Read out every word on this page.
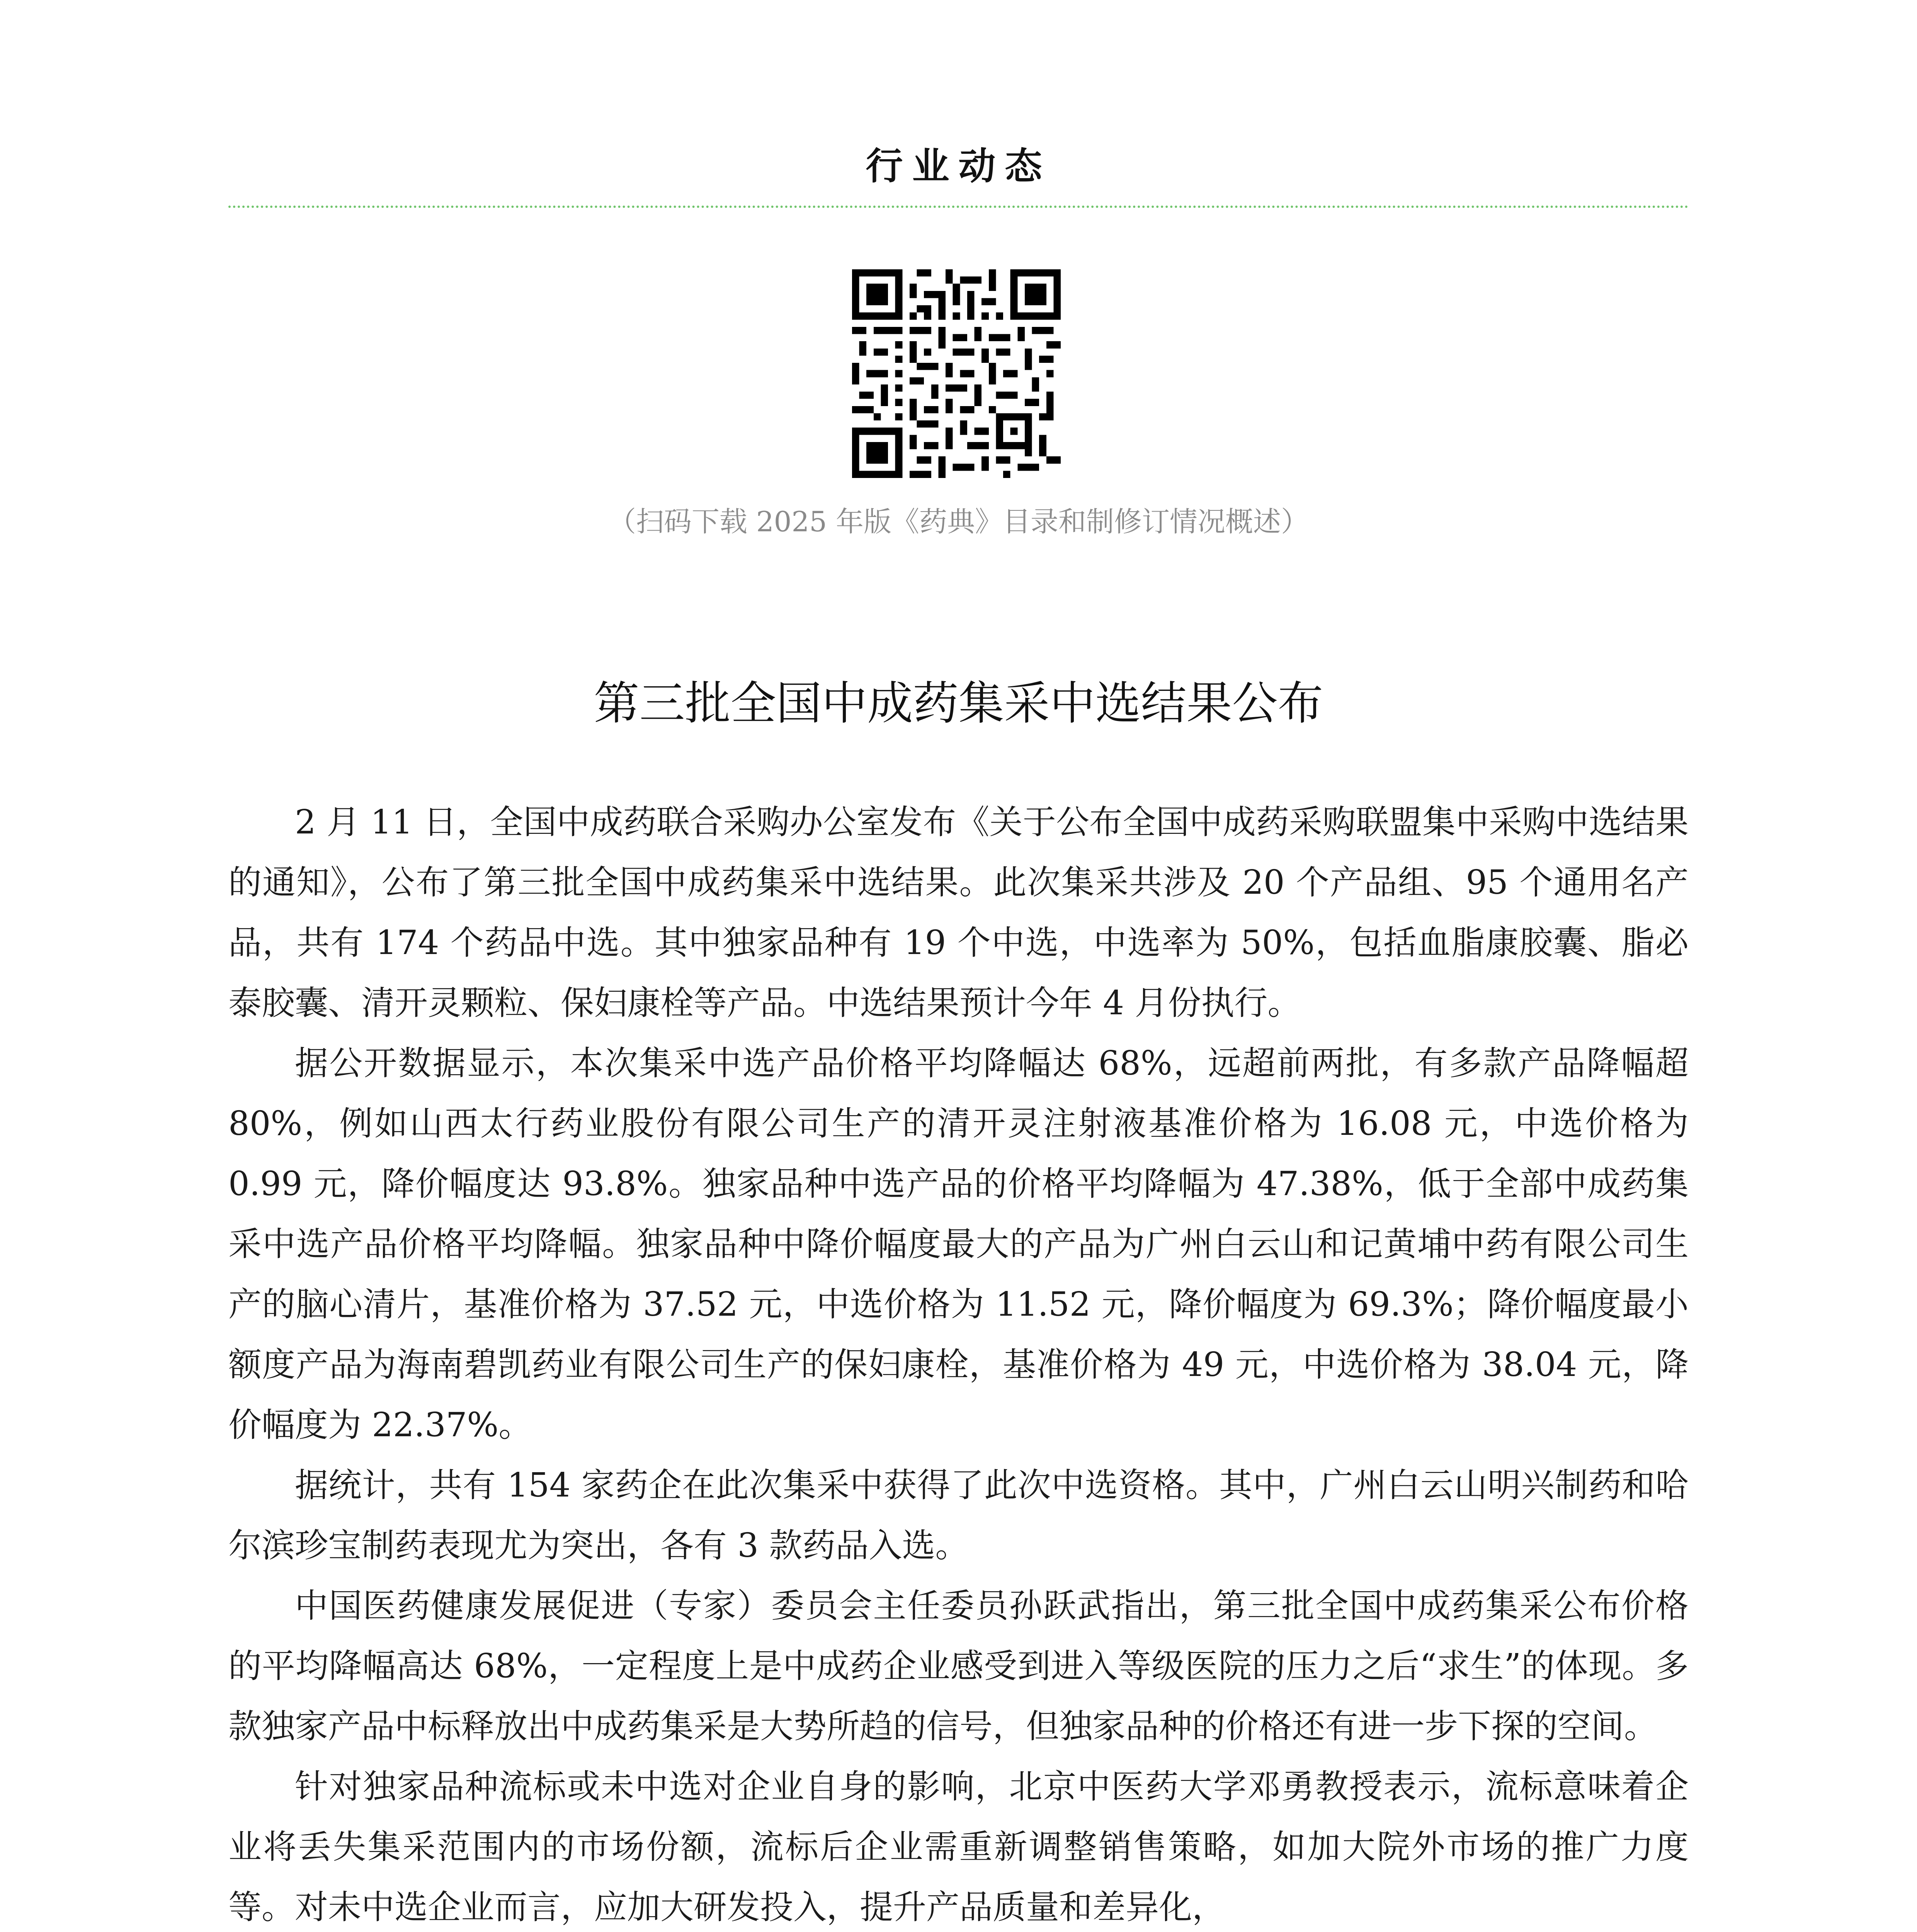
行业动态
（扫码下载 2025 年版《药典》目录和制修订情况概述）
第三批全国中成药集采中选结果公布

2 月 11 日，全国中成药联合采购办公室发布《关于公布全国中成药采购联盟集中采购中选结果的通知》，公布了第三批全国中成药集采中选结果。此次集采共涉及 20 个产品组、95 个通用名产品，共有 174 个药品中选。其中独家品种有 19 个中选，中选率为 50%，包括血脂康胶囊、脂必泰胶囊、清开灵颗粒、保妇康栓等产品。中选结果预计今年 4 月份执行。

据公开数据显示，本次集采中选产品价格平均降幅达 68%，远超前两批，有多款产品降幅超 80%，例如山西太行药业股份有限公司生产的清开灵注射液基准价格为 16.08 元，中选价格为 0.99 元，降价幅度达 93.8%。独家品种中选产品的价格平均降幅为 47.38%，低于全部中成药集采中选产品价格平均降幅。独家品种中降价幅度最大的产品为广州白云山和记黄埔中药有限公司生产的脑心清片，基准价格为 37.52 元，中选价格为 11.52 元，降价幅度为 69.3%；降价幅度最小额度产品为海南碧凯药业有限公司生产的保妇康栓，基准价格为 49 元，中选价格为 38.04 元，降价幅度为 22.37%。

据统计，共有 154 家药企在此次集采中获得了此次中选资格。其中，广州白云山明兴制药和哈尔滨珍宝制药表现尤为突出，各有 3 款药品入选。

中国医药健康发展促进（专家）委员会主任委员孙跃武指出，第三批全国中成药集采公布价格的平均降幅高达 68%，一定程度上是中成药企业感受到进入等级医院的压力之后“求生”的体现。多款独家产品中标释放出中成药集采是大势所趋的信号，但独家品种的价格还有进一步下探的空间。

针对独家品种流标或未中选对企业自身的影响，北京中医药大学邓勇教授表示，流标意味着企业将丢失集采范围内的市场份额，流标后企业需重新调整销售策略，如加大院外市场的推广力度等。对未中选企业而言，应加大研发投入，提升产品质量和差异化，
